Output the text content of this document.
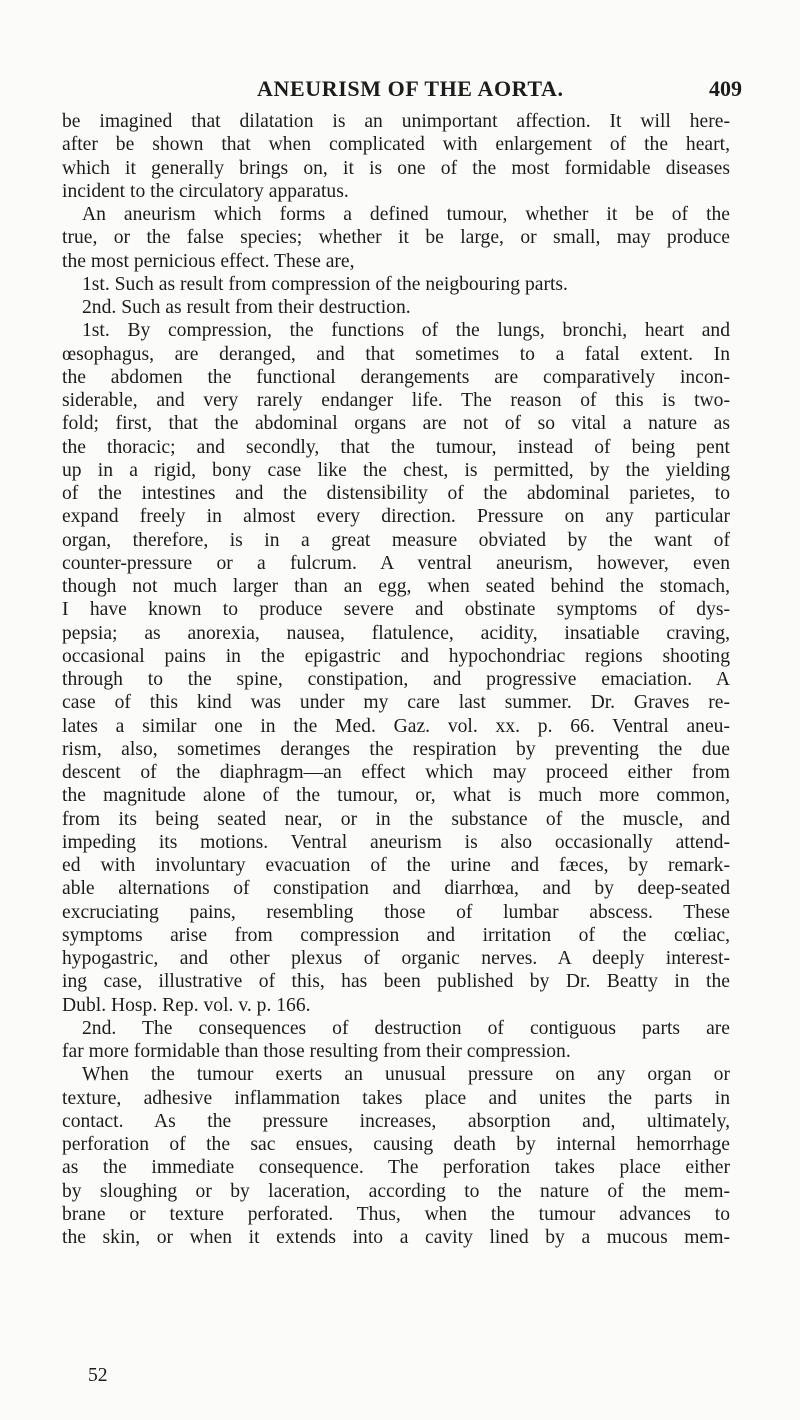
ANEURISM OF THE AORTA.	409
be imagined that dilatation is an unimportant affection. It will here-
after be shown that when complicated with enlargement of the heart,
which it generally brings on, it is one of the most formidable diseases
incident to the circulatory apparatus.
An aneurism which forms a defined tumour, whether it be of the
true, or the false species; whether it be large, or small, may produce
the most pernicious effect. These are,
1st. Such as result from compression of the neigbouring parts.
2nd. Such as result from their destruction.
1st. By compression, the functions of the lungs, bronchi, heart and
œsophagus, are deranged, and that sometimes to a fatal extent. In
the abdomen the functional derangements are comparatively incon-
siderable, and very rarely endanger life. The reason of this is two-
fold; first, that the abdominal organs are not of so vital a nature as
the thoracic; and secondly, that the tumour, instead of being pent
up in a rigid, bony case like the chest, is permitted, by the yielding
of the intestines and the distensibility of the abdominal parietes, to
expand freely in almost every direction. Pressure on any particular
organ, therefore, is in a great measure obviated by the want of
counter-pressure or a fulcrum. A ventral aneurism, however, even
though not much larger than an egg, when seated behind the stomach,
I have known to produce severe and obstinate symptoms of dys-
pepsia; as anorexia, nausea, flatulence, acidity, insatiable craving,
occasional pains in the epigastric and hypochondriac regions shooting
through to the spine, constipation, and progressive emaciation. A
case of this kind was under my care last summer. Dr. Graves re-
lates a similar one in the Med. Gaz. vol. xx. p. 66. Ventral aneu-
rism, also, sometimes deranges the respiration by preventing the due
descent of the diaphragm—an effect which may proceed either from
the magnitude alone of the tumour, or, what is much more common,
from its being seated near, or in the substance of the muscle, and
impeding its motions. Ventral aneurism is also occasionally attend-
ed with involuntary evacuation of the urine and fæces, by remark-
able alternations of constipation and diarrhœa, and by deep-seated
excruciating pains, resembling those of lumbar abscess. These
symptoms arise from compression and irritation of the cœliac,
hypogastric, and other plexus of organic nerves. A deeply interest-
ing case, illustrative of this, has been published by Dr. Beatty in the
Dubl. Hosp. Rep. vol. v. p. 166.
2nd. The consequences of destruction of contiguous parts are
far more formidable than those resulting from their compression.
When the tumour exerts an unusual pressure on any organ or
texture, adhesive inflammation takes place and unites the parts in
contact. As the pressure increases, absorption and, ultimately,
perforation of the sac ensues, causing death by internal hemorrhage
as the immediate consequence. The perforation takes place either
by sloughing or by laceration, according to the nature of the mem-
brane or texture perforated. Thus, when the tumour advances to
the skin, or when it extends into a cavity lined by a mucous mem-
52
